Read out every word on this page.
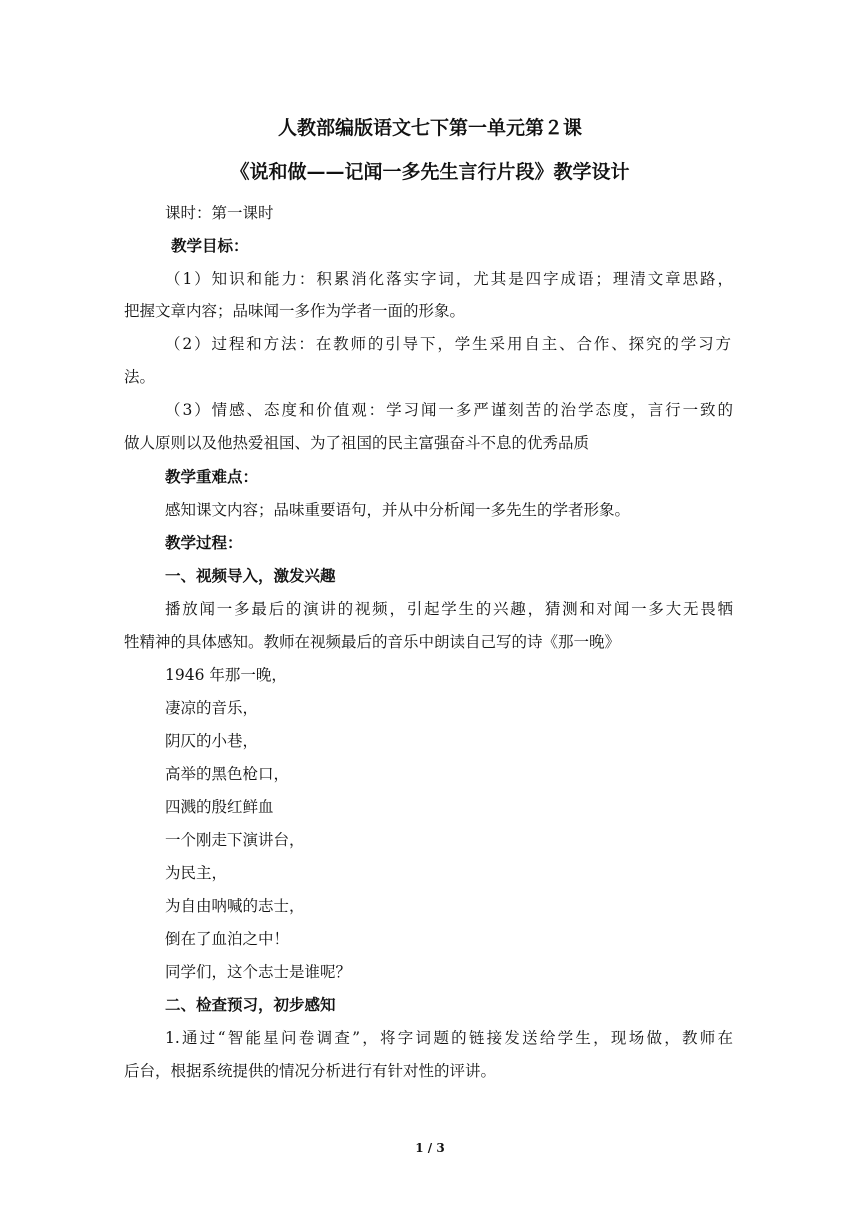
人教部编版语文七下第一单元第２课
《说和做——记闻一多先生言行片段》教学设计
课时：第一课时
教学目标：
（1）知识和能力：积累消化落实字词，尤其是四字成语；理清文章思路，
把握文章内容；品味闻一多作为学者一面的形象。
（2）过程和方法：在教师的引导下，学生采用自主、合作、探究的学习方
法。
（3）情感、态度和价值观：学习闻一多严谨刻苦的治学态度，言行一致的
做人原则以及他热爱祖国、为了祖国的民主富强奋斗不息的优秀品质
教学重难点：
感知课文内容；品味重要语句，并从中分析闻一多先生的学者形象。
教学过程：
一、视频导入，激发兴趣
播放闻一多最后的演讲的视频，引起学生的兴趣，猜测和对闻一多大无畏牺
牲精神的具体感知。教师在视频最后的音乐中朗读自己写的诗《那一晚》
1946 年那一晚，
凄凉的音乐，
阴仄的小巷，
高举的黑色枪口，
四溅的殷红鲜血
一个刚走下演讲台，
为民主，
为自由呐喊的志士，
倒在了血泊之中！
同学们，这个志士是谁呢？
二、检查预习，初步感知
1.通过“智能星问卷调查”，将字词题的链接发送给学生，现场做，教师在
后台，根据系统提供的情况分析进行有针对性的评讲。
1 / 3
